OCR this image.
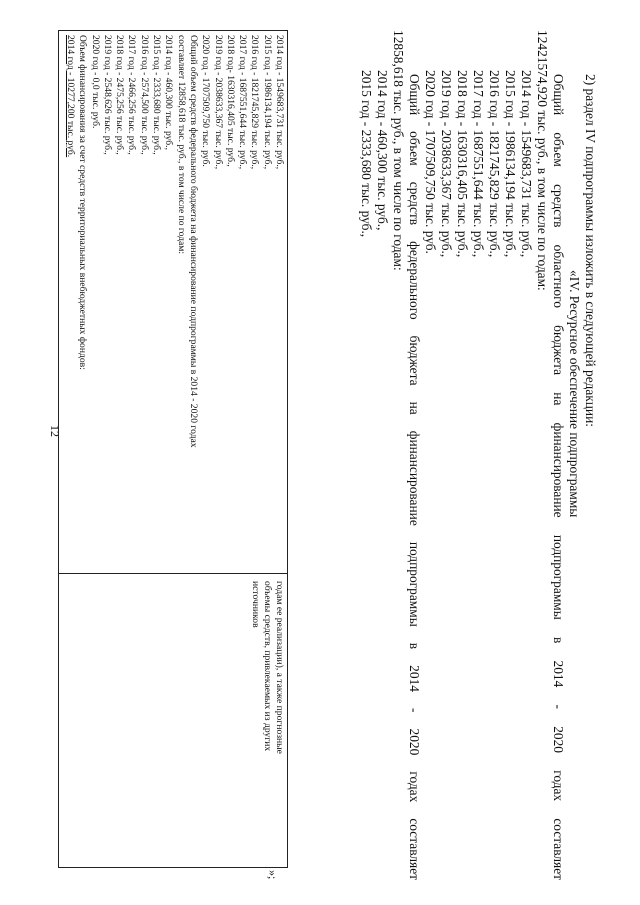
12
годам ее реализации), а также прогнозные
объемы средств, привлекаемых из других
источников
2014 год - 1549683,731 тыс. руб.,
2015 год - 1986134,194 тыс. руб.,
2016 год - 1821745,829 тыс. руб.,
2017 год - 1687551,644 тыс. руб.,
2018 год- 1630316,405 тыс. руб.,
2019 год - 2038633,367 тыс. руб.,
2020 год - 1707509,750 тыс. руб.
Общий объем средств федерального бюджета на финансирование подпрограммы в 2014 - 2020 годах
составляет 12858,618 тыс. руб., в том числе по годам:
2014 год - 460,300 тыс. руб.,
2015 год - 2333,680 тыс. руб.,
2016 год - 2574,500 тыс. руб.,
2017 год - 2466,256 тыс. руб.,
2018 год - 2475,256 тыс. руб.,
2019 год - 2548,626 тыс. руб.,
2020 год - 0,0 тыс. руб.
Объем финансирования за счет средств территориальных внебюджетных фондов:
2014 год - 10277,200 тыс. руб.
»;
2) раздел IV подпрограммы изложить в следующей редакции:
«IV. Ресурсное обеспечение подпрограммы
Общий объем средств областного бюджета на финансирование подпрограммы в 2014 - 2020 годах составляет
12421574,920 тыс. руб., в том числе по годам:
2014 год - 1549683,731 тыс. руб.,
2015 год - 1986134,194 тыс. руб.,
2016 год - 1821745,829 тыс. руб.,
2017 год - 1687551,644 тыс. руб.,
2018 год - 1630316,405 тыс. руб.,
2019 год - 2038633,367 тыс. руб.,
2020 год - 1707509,750 тыс. руб.
Общий объем средств федерального бюджета на финансирование подпрограммы в 2014 - 2020 годах составляет
12858,618 тыс. руб., в том числе по годам:
2014 год - 460,300 тыс. руб.,
2015 год - 2333,680 тыс. руб.,
